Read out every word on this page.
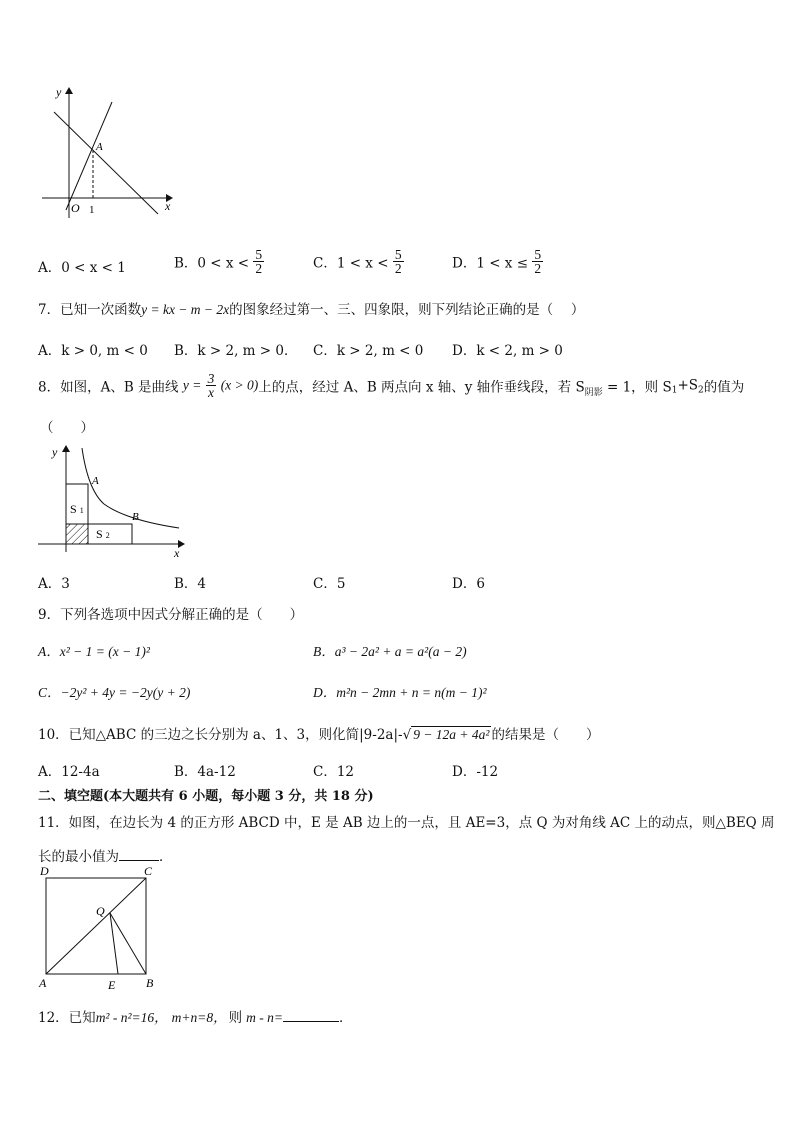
y
x
O
A
1
A．0 < x < 1	B．$0 < x < \frac{5}{2}$	C．$1 < x < \frac{5}{2}$	D．$1 < x \le \frac{5}{2}$
7．已知一次函数y = kx − m − 2x的图象经过第一、三、四象限，则下列结论正确的是（　 ）
A．k > 0, m < 0 B．k > 2, m > 0． C．k > 2, m < 0 D．k < 2, m > 0
8．如图，A、B 是曲线 $y = \frac{3}{x} (x > 0)$上的点，经过 A、B 两点向 x 轴、y 轴作垂线段，若 $S_{阴影} = 1$，则 $S_1+S_2$的值为
（　　）
y
x
A
B
S 1
S 2
A．3	B．4	C．5	D．6
9．下列各选项中因式分解正确的是（　　）
A．x² − 1 = (x − 1)²	B．a³ − 2a² + a = a²(a − 2)
C．−2y² + 4y = −2y(y + 2)	D．m²n − 2mn + n = n(m − 1)²
10．已知△ABC 的三边之长分别为 a、1、3，则化简|9-2a|-√ 9 − 12a + 4a² 的结果是（　　）
A．12-4a	B．4a-12	C．12	D．-12
二、填空题(本大题共有 6 小题，每小题 3 分，共 18 分)
11．如图，在边长为 4 的正方形 ABCD 中，E 是 AB 边上的一点，且 AE=3，点 Q 为对角线 AC 上的动点，则△BEQ 周
长的最小值为	．
D	C
Q
A	E	B
12．已知m² - n²=16， m+n=8， 则 m - n=	．
